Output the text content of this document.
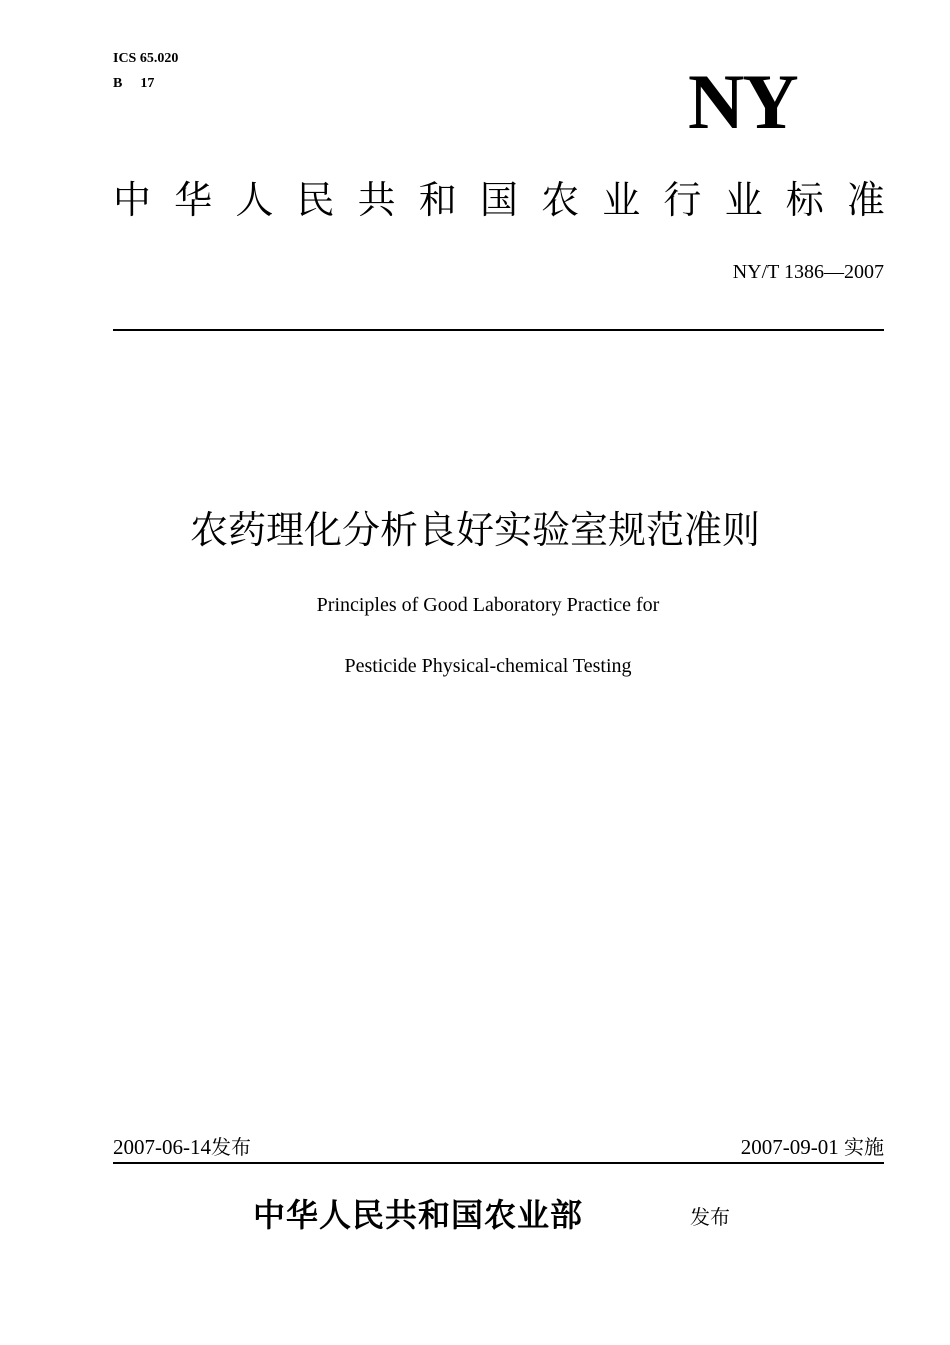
ICS 65.020
B 17	NY
中 华 人 民 共 和 国 农 业 行 业 标 准
NY/T 1386—2007
农药理化分析良好实验室规范准则
Principles of Good Laboratory Practice for
Pesticide Physical-chemical Testing
2007-06-14发布	2007-09-01 实施
中华人民共和国农业部	发布
